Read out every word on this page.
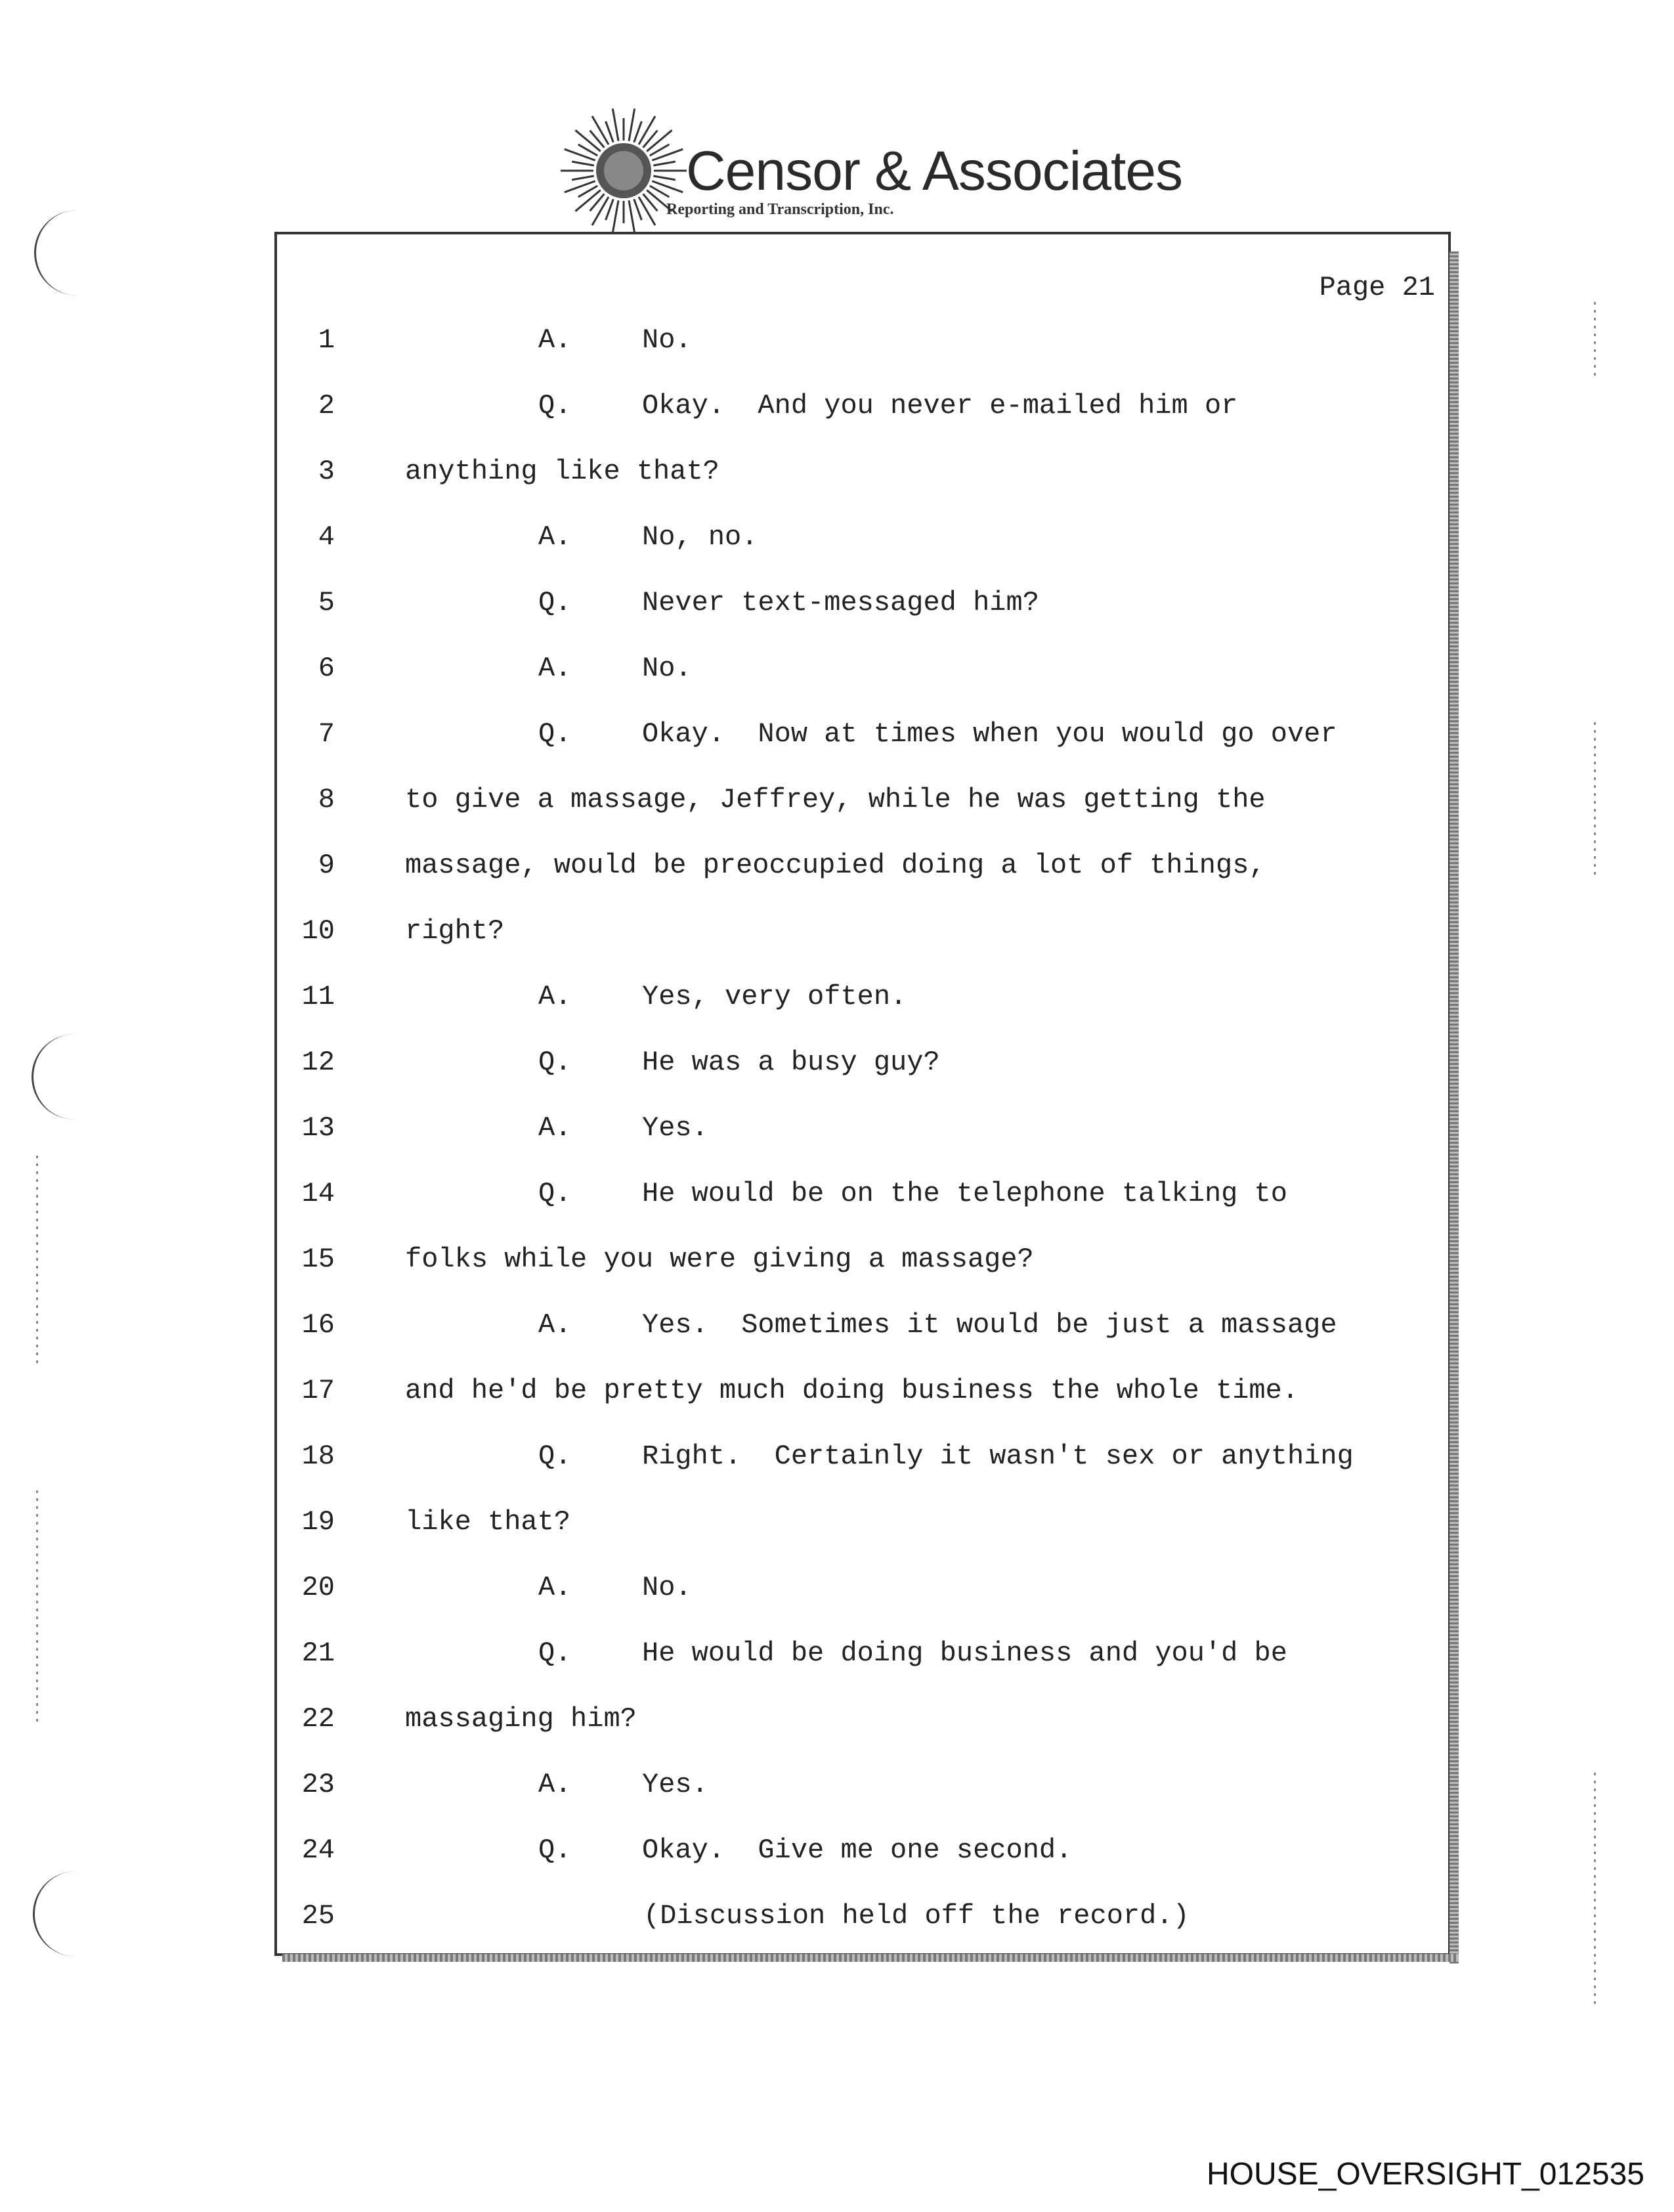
Censor & Associates
Reporting and Transcription, Inc.
Page 21
1	A.	No.
2	Q.	Okay.  And you never e-mailed him or
3	anything like that?
4	A.	No, no.
5	Q.	Never text-messaged him?
6	A.	No.
7	Q.	Okay.  Now at times when you would go over
8	to give a massage, Jeffrey, while he was getting the
9	massage, would be preoccupied doing a lot of things,
10	right?
11	A.	Yes, very often.
12	Q.	He was a busy guy?
13	A.	Yes.
14	Q.	He would be on the telephone talking to
15	folks while you were giving a massage?
16	A.	Yes.  Sometimes it would be just a massage
17	and he'd be pretty much doing business the whole time.
18	Q.	Right.  Certainly it wasn't sex or anything
19	like that?
20	A.	No.
21	Q.	He would be doing business and you'd be
22	massaging him?
23	A.	Yes.
24	Q.	Okay.  Give me one second.
25	(Discussion held off the record.)
HOUSE_OVERSIGHT_012535
